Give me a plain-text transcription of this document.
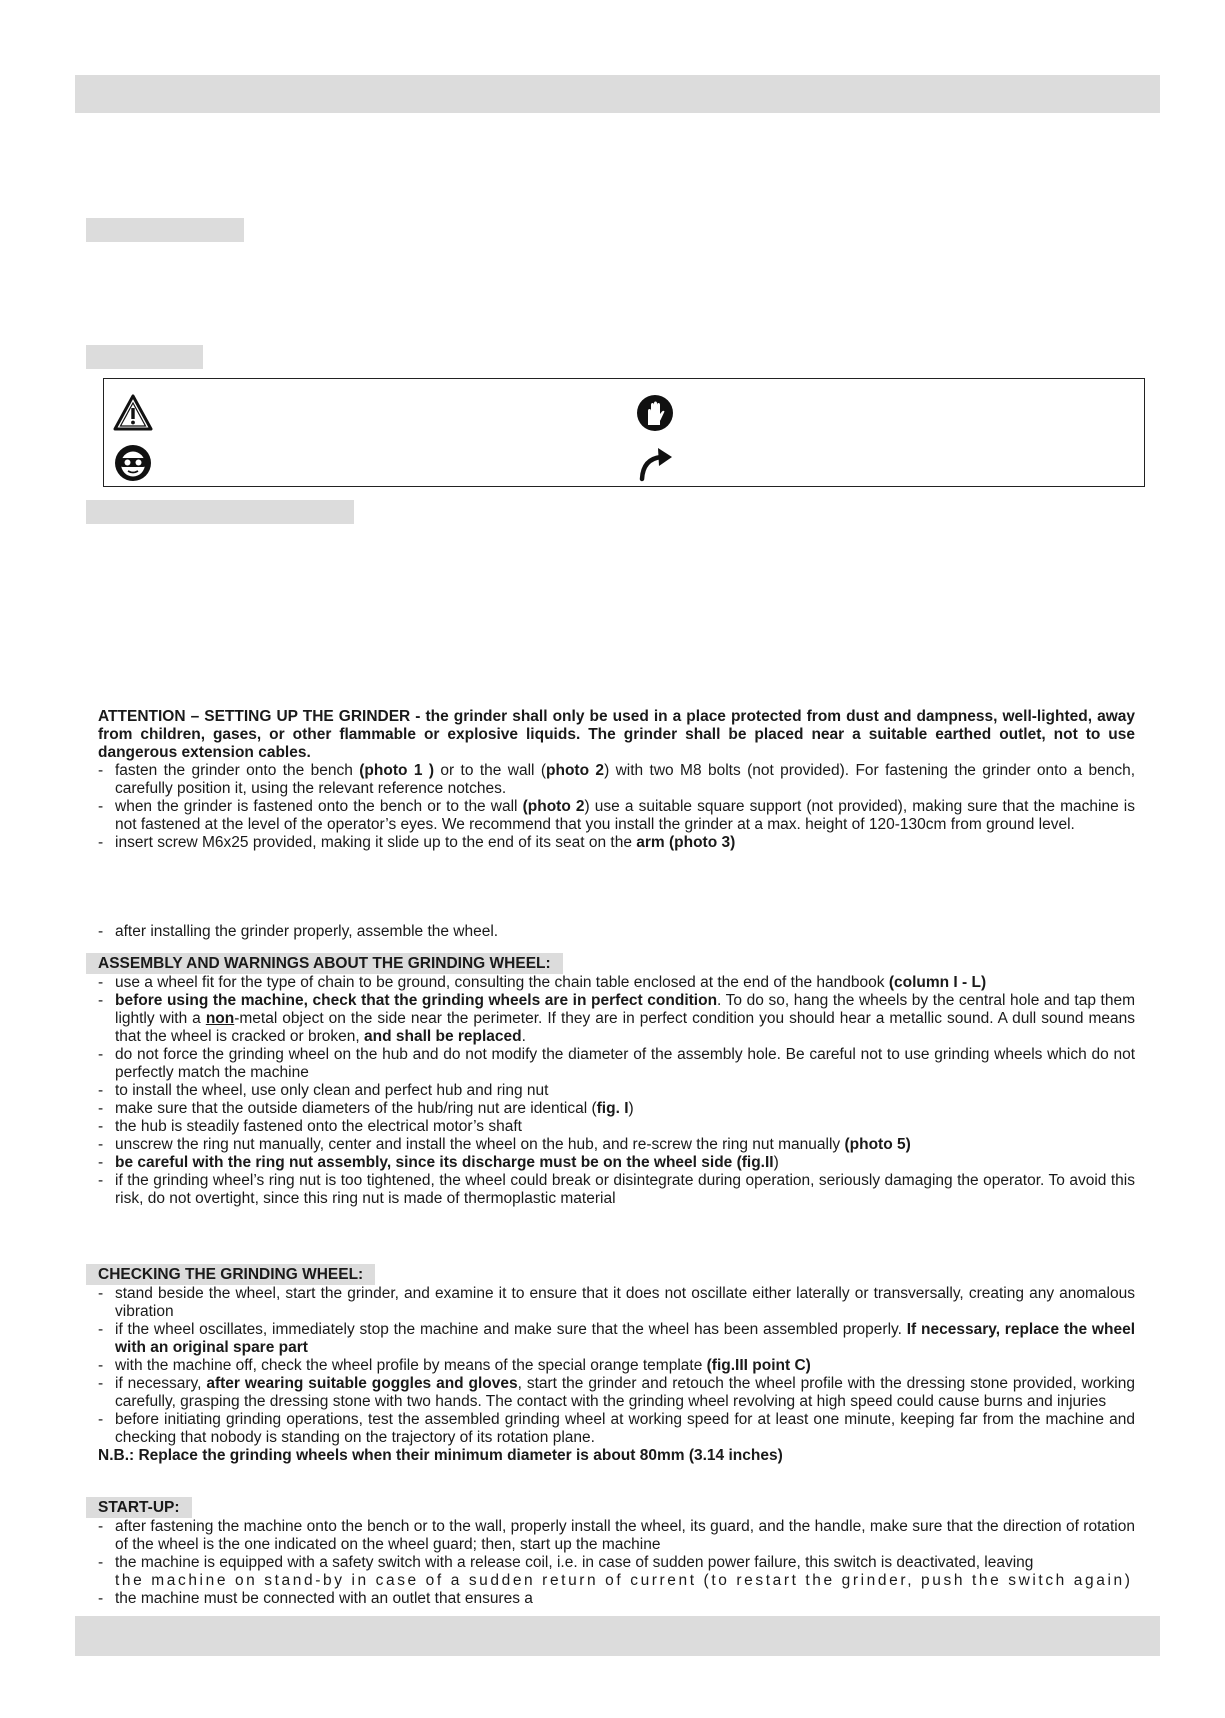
ATTENTION – SETTING UP THE GRINDER - the grinder shall only be used in a place protected from dust and dampness, well-lighted, away from children, gases, or other flammable or explosive liquids. The grinder shall be placed near a suitable earthed outlet, not to use dangerous extension cables.

- fasten the grinder onto the bench (photo 1 ) or to the wall (photo 2) with two M8 bolts (not provided). For fastening the grinder onto a bench, carefully position it, using the relevant reference notches.
- when the grinder is fastened onto the bench or to the wall (photo 2) use a suitable square support (not provided), making sure that the machine is not fastened at the level of the operator’s eyes. We recommend that you install the grinder at a max. height of 120-130cm from ground level.
- insert screw M6x25 provided, making it slide up to the end of its seat on the arm (photo 3)
- after installing the grinder properly, assemble the wheel.
ASSEMBLY AND WARNINGS ABOUT THE GRINDING WHEEL:
- use a wheel fit for the type of chain to be ground, consulting the chain table enclosed at the end of the handbook (column I - L)
- before using the machine, check that the grinding wheels are in perfect condition. To do so, hang the wheels by the central hole and tap them lightly with a non-metal object on the side near the perimeter. If they are in perfect condition you should hear a metallic sound. A dull sound means that the wheel is cracked or broken, and shall be replaced.
- do not force the grinding wheel on the hub and do not modify the diameter of the assembly hole. Be careful not to use grinding wheels which do not perfectly match the machine
- to install the wheel, use only clean and perfect hub and ring nut
- make sure that the outside diameters of the hub/ring nut are identical (fig. I)
- the hub is steadily fastened onto the electrical motor’s shaft
- unscrew the ring nut manually, center and install the wheel on the hub, and re-screw the ring nut manually (photo 5)
- be careful with the ring nut assembly, since its discharge must be on the wheel side (fig.II)
- if the grinding wheel’s ring nut is too tightened, the wheel could break or disintegrate during operation, seriously damaging the operator. To avoid this risk, do not overtight, since this ring nut is made of thermoplastic material
CHECKING THE GRINDING WHEEL:
- stand beside the wheel, start the grinder, and examine it to ensure that it does not oscillate either laterally or transversally, creating any anomalous vibration
- if the wheel oscillates, immediately stop the machine and make sure that the wheel has been assembled properly. If necessary, replace the wheel with an original spare part
- with the machine off, check the wheel profile by means of the special orange template (fig.III point C)
- if necessary, after wearing suitable goggles and gloves, start the grinder and retouch the wheel profile with the dressing stone provided, working carefully, grasping the dressing stone with two hands. The contact with the grinding wheel revolving at high speed could cause burns and injuries
- before initiating grinding operations, test the assembled grinding wheel at working speed for at least one minute, keeping far from the machine and checking that nobody is standing on the trajectory of its rotation plane.

N.B.: Replace the grinding wheels when their minimum diameter is about 80mm (3.14 inches)

START-UP:
- after fastening the machine onto the bench or to the wall, properly install the wheel, its guard, and the handle, make sure that the direction of rotation of the wheel is the one indicated on the wheel guard; then, start up the machine
- the machine is equipped with a safety switch with a release coil, i.e. in case of sudden power failure, this switch is deactivated, leaving
the machine on stand-by in case of a sudden return of current (to restart the grinder, push the switch again)
- the machine must be connected with an outlet that ensures a
